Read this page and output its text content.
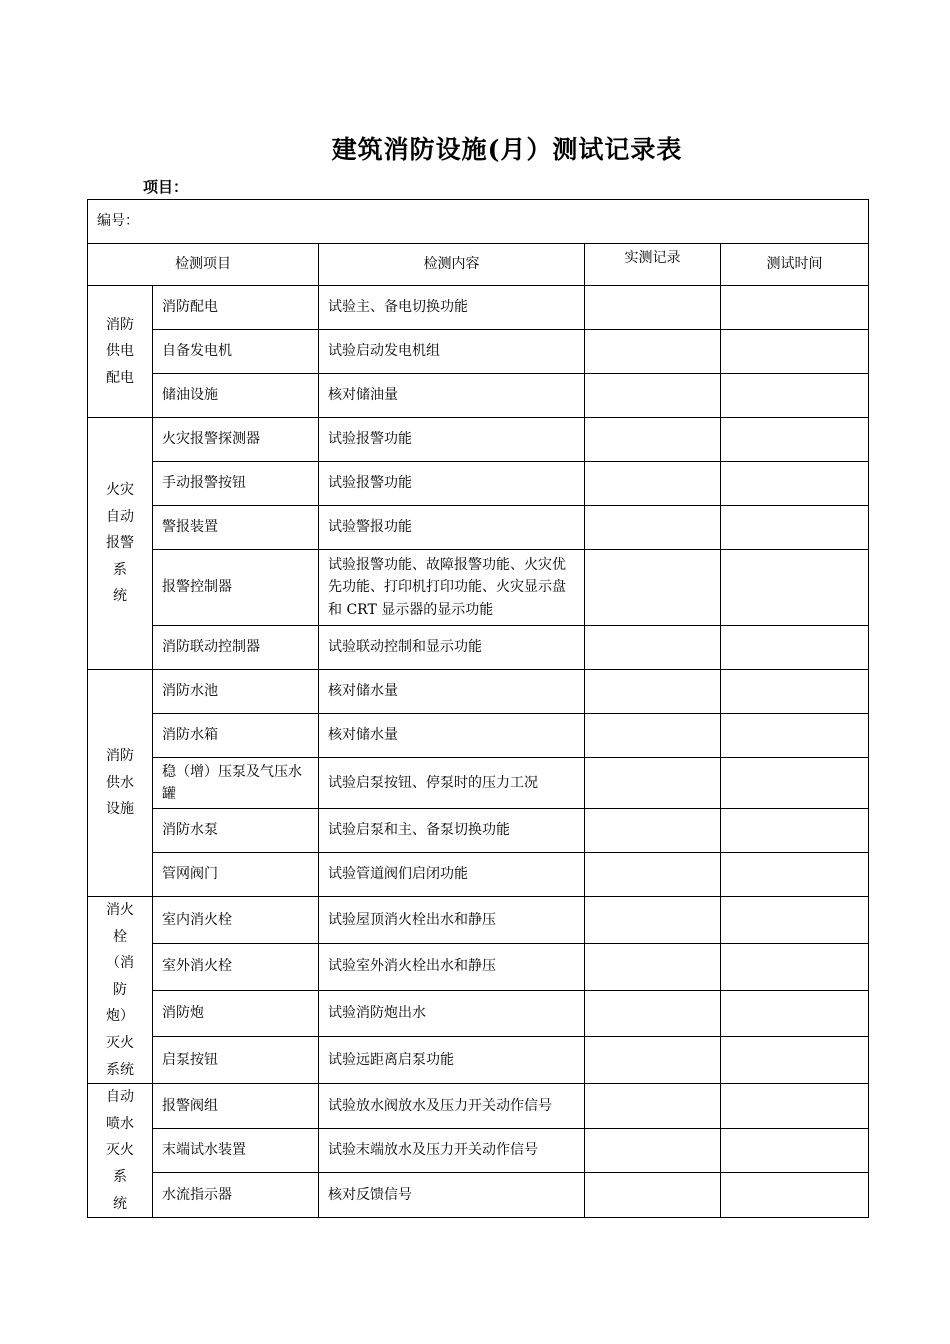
建筑消防设施(月）测试记录表
项目：
编号：				
检测项目		检测内容	实测记录	测试时间

消防供电配电	消防配电	试验主、备电切换功能		
	自备发电机	试验启动发电机组		
	储油设施	核对储油量		

火灾自动报警系 统	火灾报警探测器	试验报警功能		
	手动报警按钮	试验报警功能		
	警报装置	试验警报功能		
	报警控制器	试验报警功能、故障报警功能、火灾优先功能、打印机打印功能、火灾显示盘和 CRT 显示器的显示功能		
	消防联动控制器	试验联动控制和显示功能		

消防供水设施	消防水池	核对储水量		
	消防水箱	核对储水量		
	稳（增）压泵及气压水罐	试验启泵按钮、停泵时的压力工况		
	消防水泵	试验启泵和主、备泵切换功能		
	管网阀门	试验管道阀们启闭功能		

消火栓（消防炮）灭火系统	室内消火栓	试验屋顶消火栓出水和静压		
	室外消火栓	试验室外消火栓出水和静压		
	消防炮	试验消防炮出水		
	启泵按钮	试验远距离启泵功能		

自动喷水灭火系 统	报警阀组	试验放水阀放水及压力开关动作信号		
	末端试水装置	试验末端放水及压力开关动作信号		
	水流指示器	核对反馈信号		
